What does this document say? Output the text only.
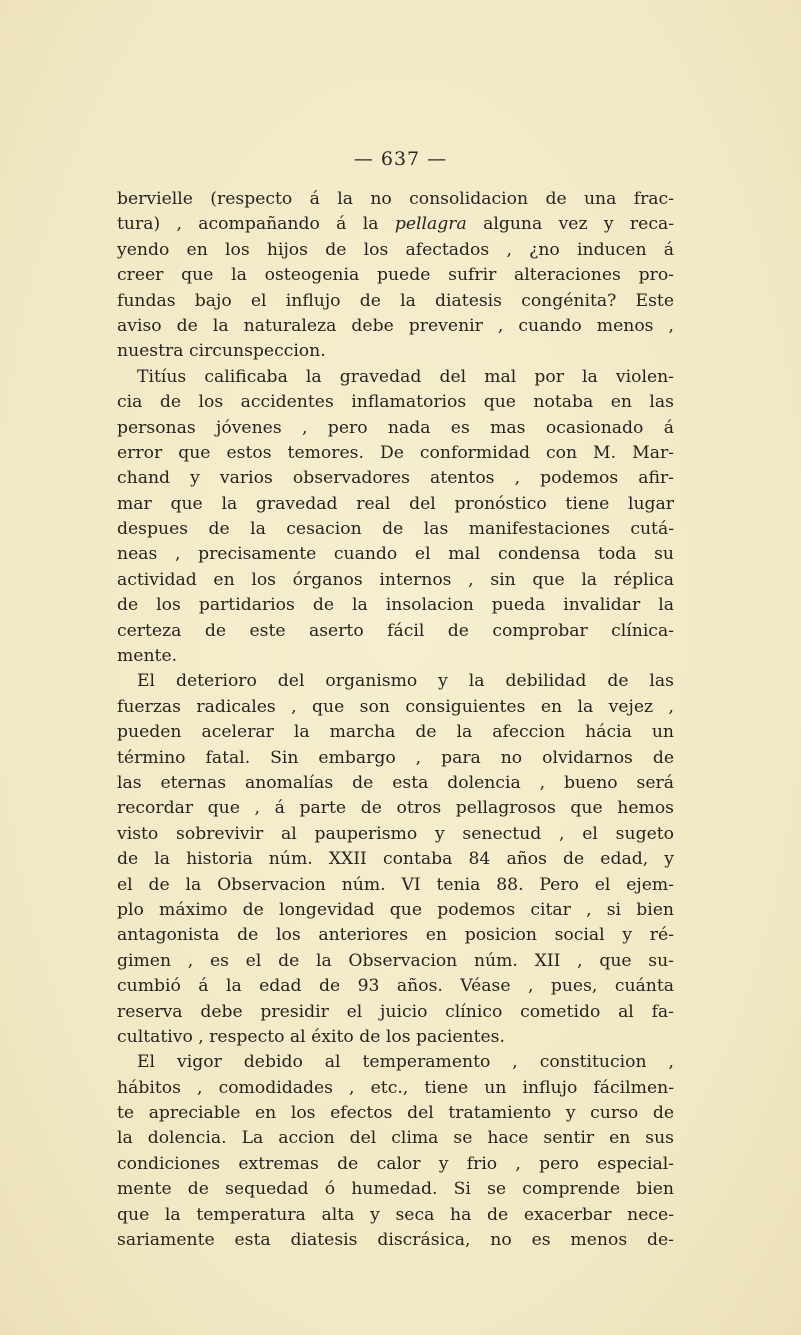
— 637 —
bervielle (respecto á la no consolidacion de una frac-
tura) , acompañando á la pellagra alguna vez y reca-
yendo en los hijos de los afectados , ¿no inducen á
creer que la osteogenia puede sufrir alteraciones pro-
fundas bajo el influjo de la diatesis congénita? Este
aviso de la naturaleza debe prevenir , cuando menos ,
nuestra circunspeccion.
Titíus calificaba la gravedad del mal por la violen-
cia de los accidentes inflamatorios que notaba en las
personas jóvenes , pero nada es mas ocasionado á
error que estos temores. De conformidad con M. Mar-
chand y varios observadores atentos , podemos afir-
mar que la gravedad real del pronóstico tiene lugar
despues de la cesacion de las manifestaciones cutá-
neas , precisamente cuando el mal condensa toda su
actividad en los órganos internos , sin que la réplica
de los partidarios de la insolacion pueda invalidar la
certeza de este aserto fácil de comprobar clínica-
mente.
El deterioro del organismo y la debilidad de las
fuerzas radicales , que son consiguientes en la vejez ,
pueden acelerar la marcha de la afeccion hácia un
término fatal. Sin embargo , para no olvidarnos de
las eternas anomalías de esta dolencia , bueno será
recordar que , á parte de otros pellagrosos que hemos
visto sobrevivir al pauperismo y senectud , el sugeto
de la historia núm. XXII contaba 84 años de edad, y
el de la Observacion núm. VI tenia 88. Pero el ejem-
plo máximo de longevidad que podemos citar , si bien
antagonista de los anteriores en posicion social y ré-
gimen , es el de la Observacion núm. XII , que su-
cumbió á la edad de 93 años. Véase , pues, cuánta
reserva debe presidir el juicio clínico cometido al fa-
cultativo , respecto al éxito de los pacientes.
El vigor debido al temperamento , constitucion ,
hábitos , comodidades , etc., tiene un influjo fácilmen-
te apreciable en los efectos del tratamiento y curso de
la dolencia. La accion del clima se hace sentir en sus
condiciones extremas de calor y frio , pero especial-
mente de sequedad ó humedad. Si se comprende bien
que la temperatura alta y seca ha de exacerbar nece-
sariamente esta diatesis discrásica, no es menos de-
